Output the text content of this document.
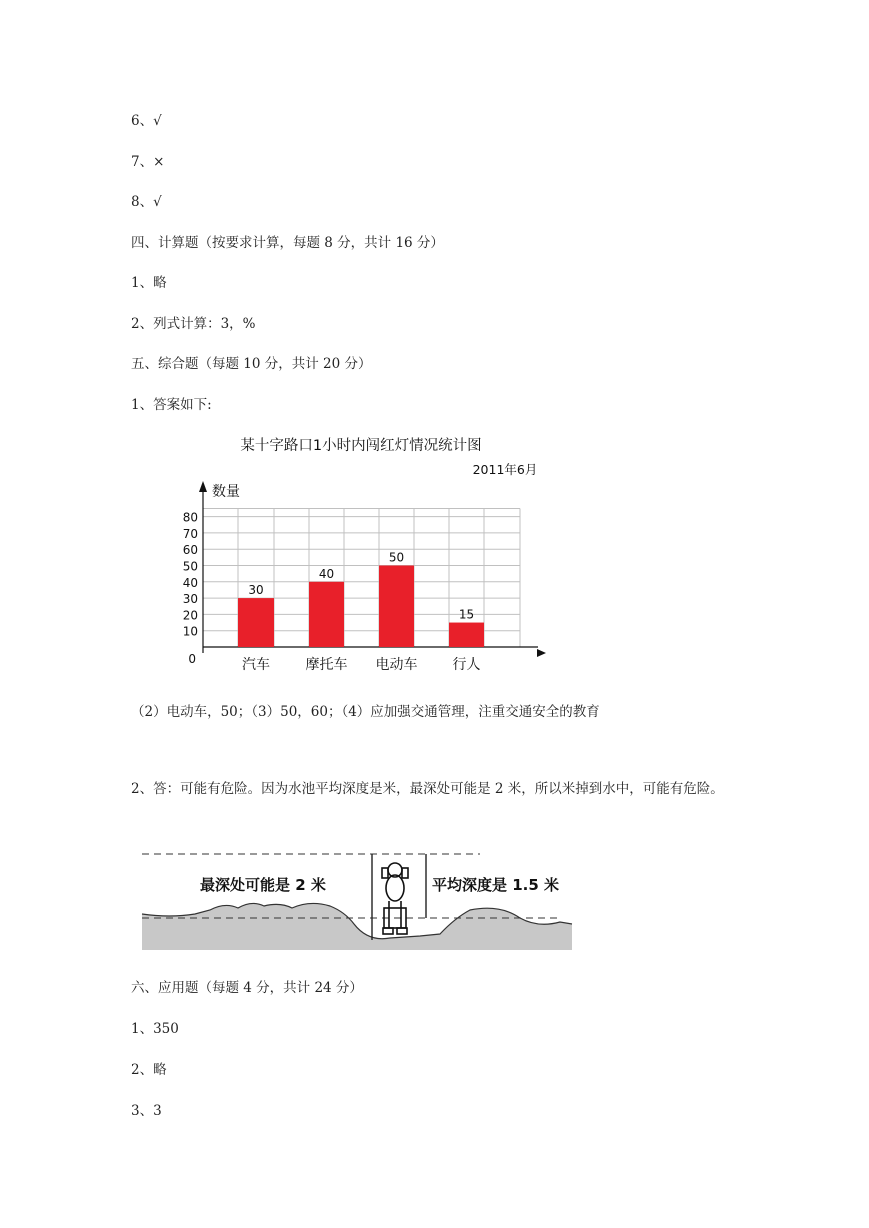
6、√
7、×
8、√
四、计算题（按要求计算，每题 8 分，共计 16 分）
1、略
2、列式计算：3，%
五、综合题（每题 10 分，共计 20 分）
1、答案如下:
0
10
20
30
40
50
60
70
80
30
汽车
40
摩托车
50
电动车
15
行人
某十字路口1小时内闯红灯情况统计图
2011年6月
数量
（2）电动车，50；（3）50，60；（4）应加强交通管理，注重交通安全的教育
2、答：可能有危险。因为水池平均深度是米，最深处可能是 2 米，所以米掉到水中，可能有危险。
最深处可能是 2 米	平均深度是 1.5 米
六、应用题（每题 4 分，共计 24 分）
1、350
2、略
3、3
